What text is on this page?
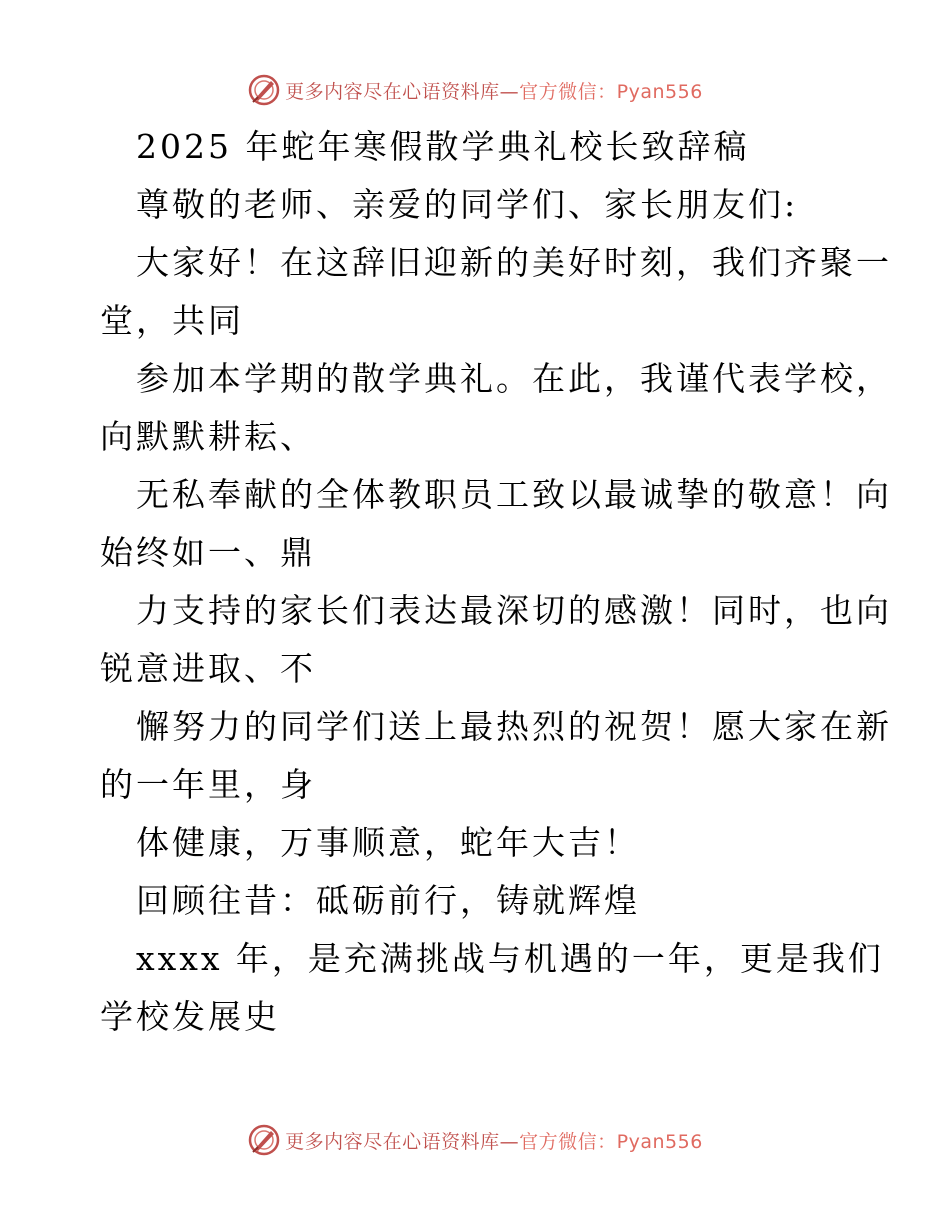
更多内容尽在心语资料库—官方微信：Pyan556
2025 年蛇年寒假散学典礼校长致辞稿
尊敬的老师、亲爱的同学们、家长朋友们:
大家好！在这辞旧迎新的美好时刻，我们齐聚一
堂，共同
参加本学期的散学典礼。在此，我谨代表学校，
向默默耕耘、
无私奉献的全体教职员工致以最诚挚的敬意！向
始终如一、鼎
力支持的家长们表达最深切的感激！同时，也向
锐意进取、不
懈努力的同学们送上最热烈的祝贺！愿大家在新
的一年里，身
体健康，万事顺意，蛇年大吉！
回顾往昔：砥砺前行，铸就辉煌
xxxx 年，是充满挑战与机遇的一年，更是我们
学校发展史
更多内容尽在心语资料库—官方微信：Pyan556
